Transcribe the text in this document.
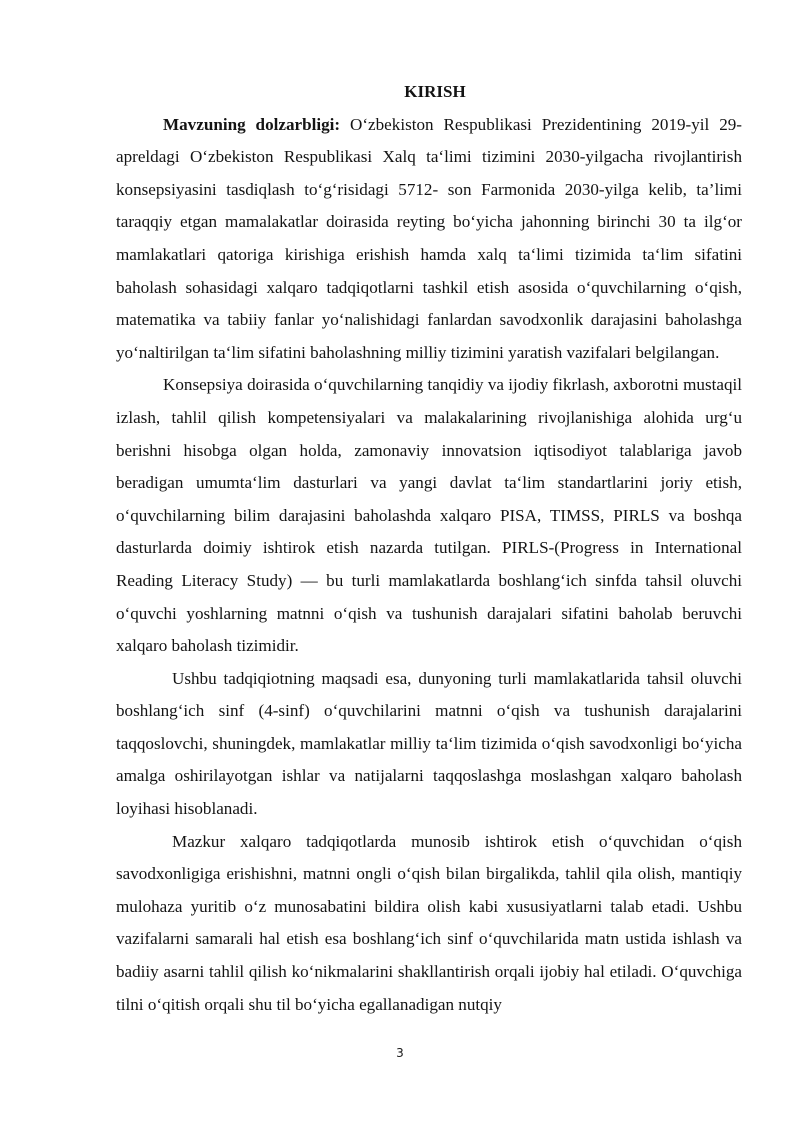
KIRISH

Mavzuning dolzarbligi: Oʻzbekiston Respublikasi Prezidentining 2019-yil 29-apreldagi Oʻzbekiston Respublikasi Xalq taʻlimi tizimini 2030-yilgacha rivojlantirish konsepsiyasini tasdiqlash toʻgʻrisidagi 5712- son Farmonida 2030-yilga kelib, ta’limi taraqqiy etgan mamalakatlar doirasida reyting boʻyicha jahonning birinchi 30 ta ilgʻor mamlakatlari qatoriga kirishiga erishish hamda xalq taʻlimi tizimida taʻlim sifatini baholash sohasidagi xalqaro tadqiqotlarni tashkil etish asosida oʻquvchilarning oʻqish, matematika va tabiiy fanlar yoʻnalishidagi fanlardan savodxonlik darajasini baholashga yoʻnaltirilgan taʻlim sifatini baholashning milliy tizimini yaratish vazifalari belgilangan.

Konsepsiya doirasida oʻquvchilarning tanqidiy va ijodiy fikrlash, axborotni mustaqil izlash, tahlil qilish kompetensiyalari va malakalarining rivojlanishiga alohida urgʻu berishni hisobga olgan holda, zamonaviy innovatsion iqtisodiyot talablariga javob beradigan umumtaʻlim dasturlari va yangi davlat taʻlim standartlarini joriy etish, oʻquvchilarning bilim darajasini baholashda xalqaro PISA, TIMSS, PIRLS va boshqa dasturlarda doimiy ishtirok etish nazarda tutilgan. PIRLS-(Progress in International Reading Literacy Study) — bu turli mamlakatlarda boshlangʻich sinfda tahsil oluvchi oʻquvchi yoshlarning matnni oʻqish va tushunish darajalari sifatini baholab beruvchi xalqaro baholash tizimidir.

Ushbu tadqiqiotning maqsadi esa, dunyoning turli mamlakatlarida tahsil oluvchi boshlangʻich sinf (4-sinf) oʻquvchilarini matnni oʻqish va tushunish darajalarini taqqoslovchi, shuningdek, mamlakatlar milliy taʻlim tizimida oʻqish savodxonligi boʻyicha amalga oshirilayotgan ishlar va natijalarni taqqoslashga moslashgan xalqaro baholash loyihasi hisoblanadi.

Mazkur xalqaro tadqiqotlarda munosib ishtirok etish oʻquvchidan oʻqish savodxonligiga erishishni, matnni ongli oʻqish bilan birgalikda, tahlil qila olish, mantiqiy mulohaza yuritib oʻz munosabatini bildira olish kabi xususiyatlarni talab etadi. Ushbu vazifalarni samarali hal etish esa boshlangʻich sinf oʻquvchilarida matn ustida ishlash va badiiy asarni tahlil qilish koʻnikmalarini shakllantirish orqali ijobiy hal etiladi. Oʻquvchiga tilni oʻqitish orqali shu til boʻyicha egallanadigan nutqiy

3
